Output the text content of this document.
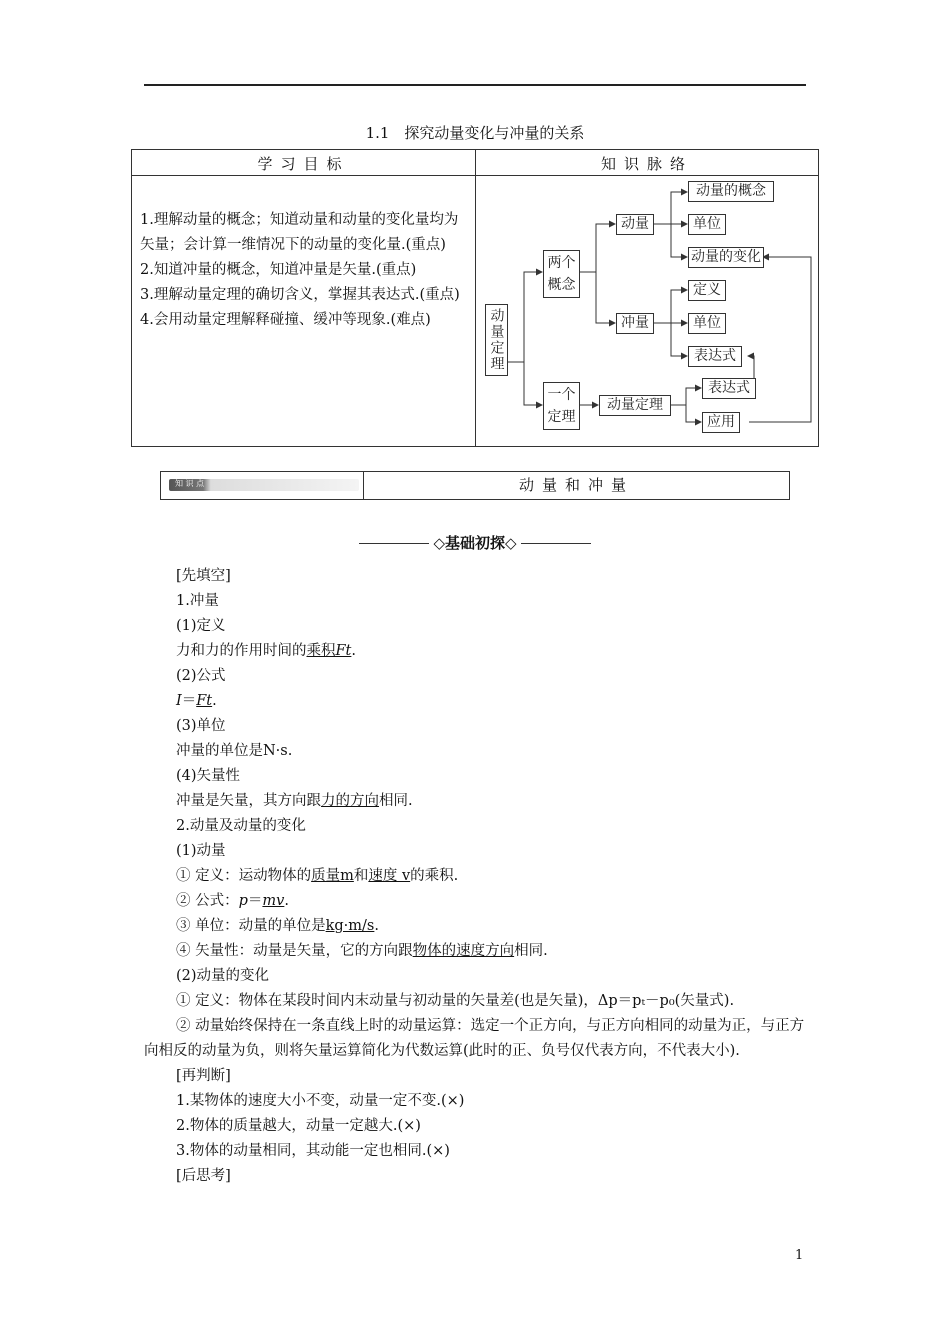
1.1　探究动量变化与冲量的关系
学习目标	知识脉络
1.理解动量的概念；知道动量和动量的变化量均为矢量；会计算一维情况下的动量的变化量.(重点)
2.知道冲量的概念，知道冲量是矢量.(重点)
3.理解动量定理的确切含义，掌握其表达式.(重点)
4.会用动量定理解释碰撞、缓冲等现象.(难点)	动量定理
两个概念
动量
动量的概念
单位
动量的变化
冲量
定义
单位
表达式
一个定理
动量定理
表达式
应用
知 识 点	动量和冲量
◇基础初探◇
[先填空]
1.冲量
(1)定义
力和力的作用时间的乘积Ft.
(2)公式
I＝Ft.
(3)单位
冲量的单位是N·s.
(4)矢量性
冲量是矢量，其方向跟力的方向相同.
2.动量及动量的变化
(1)动量
① 定义：运动物体的质量m和速度 v的乘积.
② 公式：p＝mv.
③ 单位：动量的单位是kg·m/s.
④ 矢量性：动量是矢量，它的方向跟物体的速度方向相同.
(2)动量的变化
① 定义：物体在某段时间内末动量与初动量的矢量差(也是矢量)，Δp＝pₜ－p₀(矢量式).
② 动量始终保持在一条直线上时的动量运算：选定一个正方向，与正方向相同的动量为正，与正方向相反的动量为负，则将矢量运算简化为代数运算(此时的正、负号仅代表方向，不代表大小).
[再判断]
1.某物体的速度大小不变，动量一定不变.(×)
2.物体的质量越大，动量一定越大.(×)
3.物体的动量相同，其动能一定也相同.(×)
[后思考]
1
